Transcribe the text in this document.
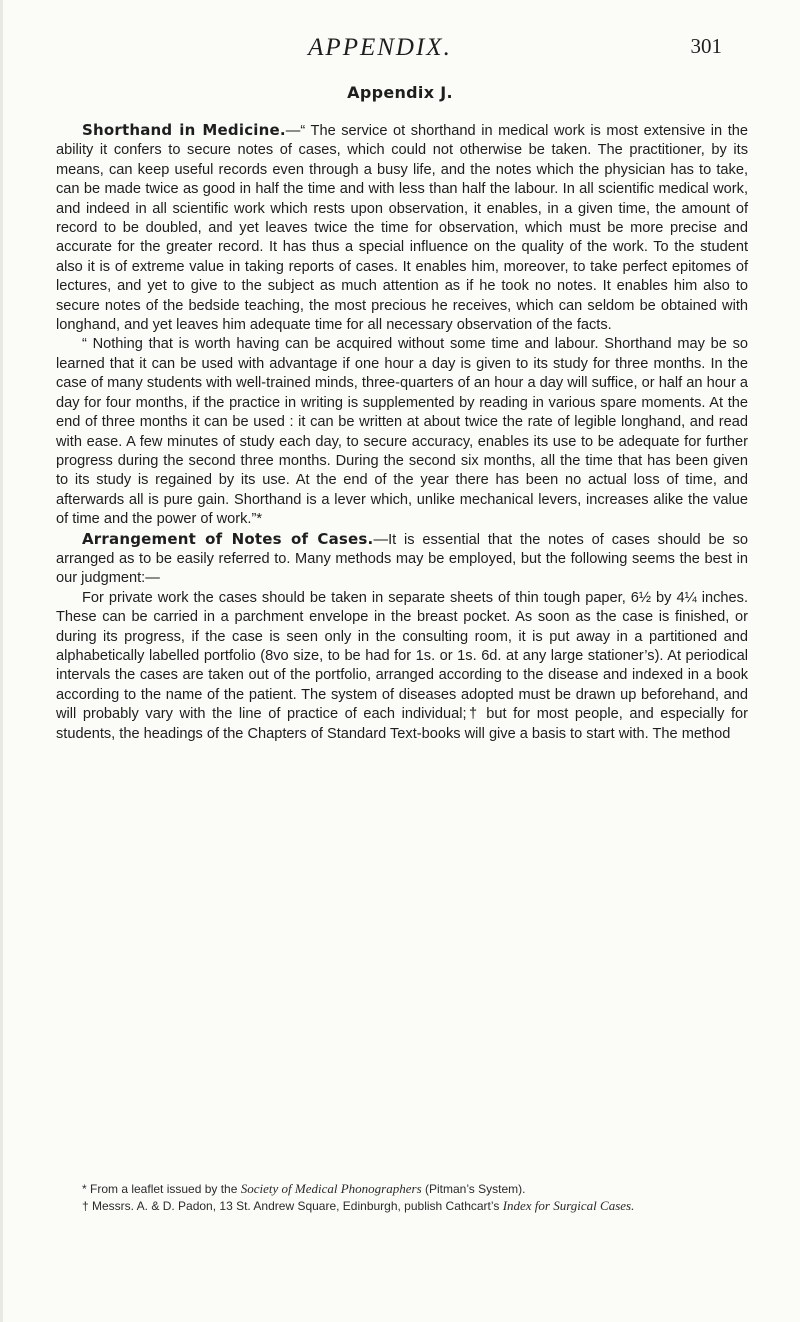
APPENDIX.	301
Appendix J.

Shorthand in Medicine.—“ The service ot shorthand in medical work is most extensive in the ability it confers to secure notes of cases, which could not otherwise be taken. The practitioner, by its means, can keep useful records even through a busy life, and the notes which the physician has to take, can be made twice as good in half the time and with less than half the labour. In all scientific medical work, and indeed in all scientific work which rests upon observation, it enables, in a given time, the amount of record to be doubled, and yet leaves twice the time for observation, which must be more precise and accurate for the greater record. It has thus a special influence on the quality of the work. To the student also it is of extreme value in taking reports of cases. It enables him, moreover, to take perfect epitomes of lectures, and yet to give to the subject as much attention as if he took no notes. It enables him also to secure notes of the bedside teaching, the most precious he receives, which can seldom be obtained with longhand, and yet leaves him adequate time for all necessary observation of the facts.

“ Nothing that is worth having can be acquired without some time and labour. Shorthand may be so learned that it can be used with advantage if one hour a day is given to its study for three months. In the case of many students with well-trained minds, three-quarters of an hour a day will suffice, or half an hour a day for four months, if the practice in writing is supplemented by reading in various spare moments. At the end of three months it can be used : it can be written at about twice the rate of legible longhand, and read with ease. A few minutes of study each day, to secure accuracy, enables its use to be adequate for further progress during the second three months. During the second six months, all the time that has been given to its study is regained by its use. At the end of the year there has been no actual loss of time, and afterwards all is pure gain. Shorthand is a lever which, unlike mechanical levers, increases alike the value of time and the power of work.”*

Arrangement of Notes of Cases.—It is essential that the notes of cases should be so arranged as to be easily referred to. Many methods may be employed, but the following seems the best in our judgment:—

For private work the cases should be taken in separate sheets of thin tough paper, 6½ by 4¼ inches. These can be carried in a parchment envelope in the breast pocket. As soon as the case is finished, or during its progress, if the case is seen only in the consulting room, it is put away in a partitioned and alphabetically labelled portfolio (8vo size, to be had for 1s. or 1s. 6d. at any large stationer’s). At periodical intervals the cases are taken out of the portfolio, arranged according to the disease and indexed in a book according to the name of the patient. The system of diseases adopted must be drawn up beforehand, and will probably vary with the line of practice of each individual;† but for most people, and especially for students, the headings of the Chapters of Standard Text-books will give a basis to start with. The method

* From a leaflet issued by the Society of Medical Phonographers (Pitman’s System).

† Messrs. A. & D. Padon, 13 St. Andrew Square, Edinburgh, publish Cathcart’s Index for Surgical Cases.
